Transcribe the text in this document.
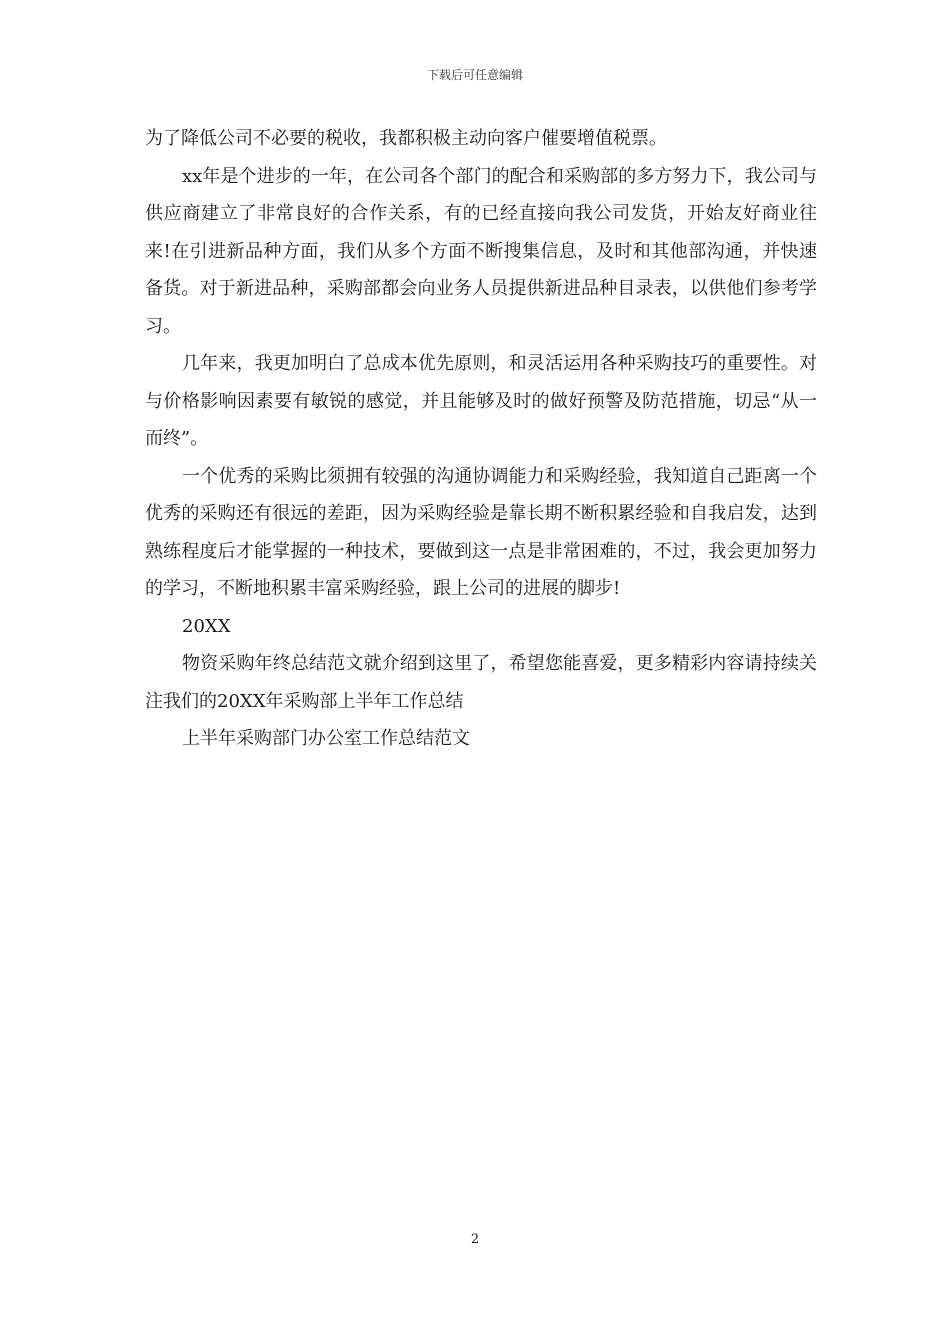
下载后可任意编辑

为了降低公司不必要的税收，我都积极主动向客户催要增值税票。

xx年是个进步的一年，在公司各个部门的配合和采购部的多方努力下，我公司与供应商建立了非常良好的合作关系，有的已经直接向我公司发货，开始友好商业往来!在引进新品种方面，我们从多个方面不断搜集信息，及时和其他部沟通，并快速备货。对于新进品种，采购部都会向业务人员提供新进品种目录表，以供他们参考学习。

几年来，我更加明白了总成本优先原则，和灵活运用各种采购技巧的重要性。对与价格影响因素要有敏锐的感觉，并且能够及时的做好预警及防范措施，切忌“从一而终”。

一个优秀的采购比须拥有较强的沟通协调能力和采购经验，我知道自己距离一个优秀的采购还有很远的差距，因为采购经验是靠长期不断积累经验和自我启发，达到熟练程度后才能掌握的一种技术，要做到这一点是非常困难的，不过，我会更加努力的学习，不断地积累丰富采购经验，跟上公司的进展的脚步!

20XX

物资采购年终总结范文就介绍到这里了，希望您能喜爱，更多精彩内容请持续关注我们的20XX年采购部上半年工作总结

上半年采购部门办公室工作总结范文

2
